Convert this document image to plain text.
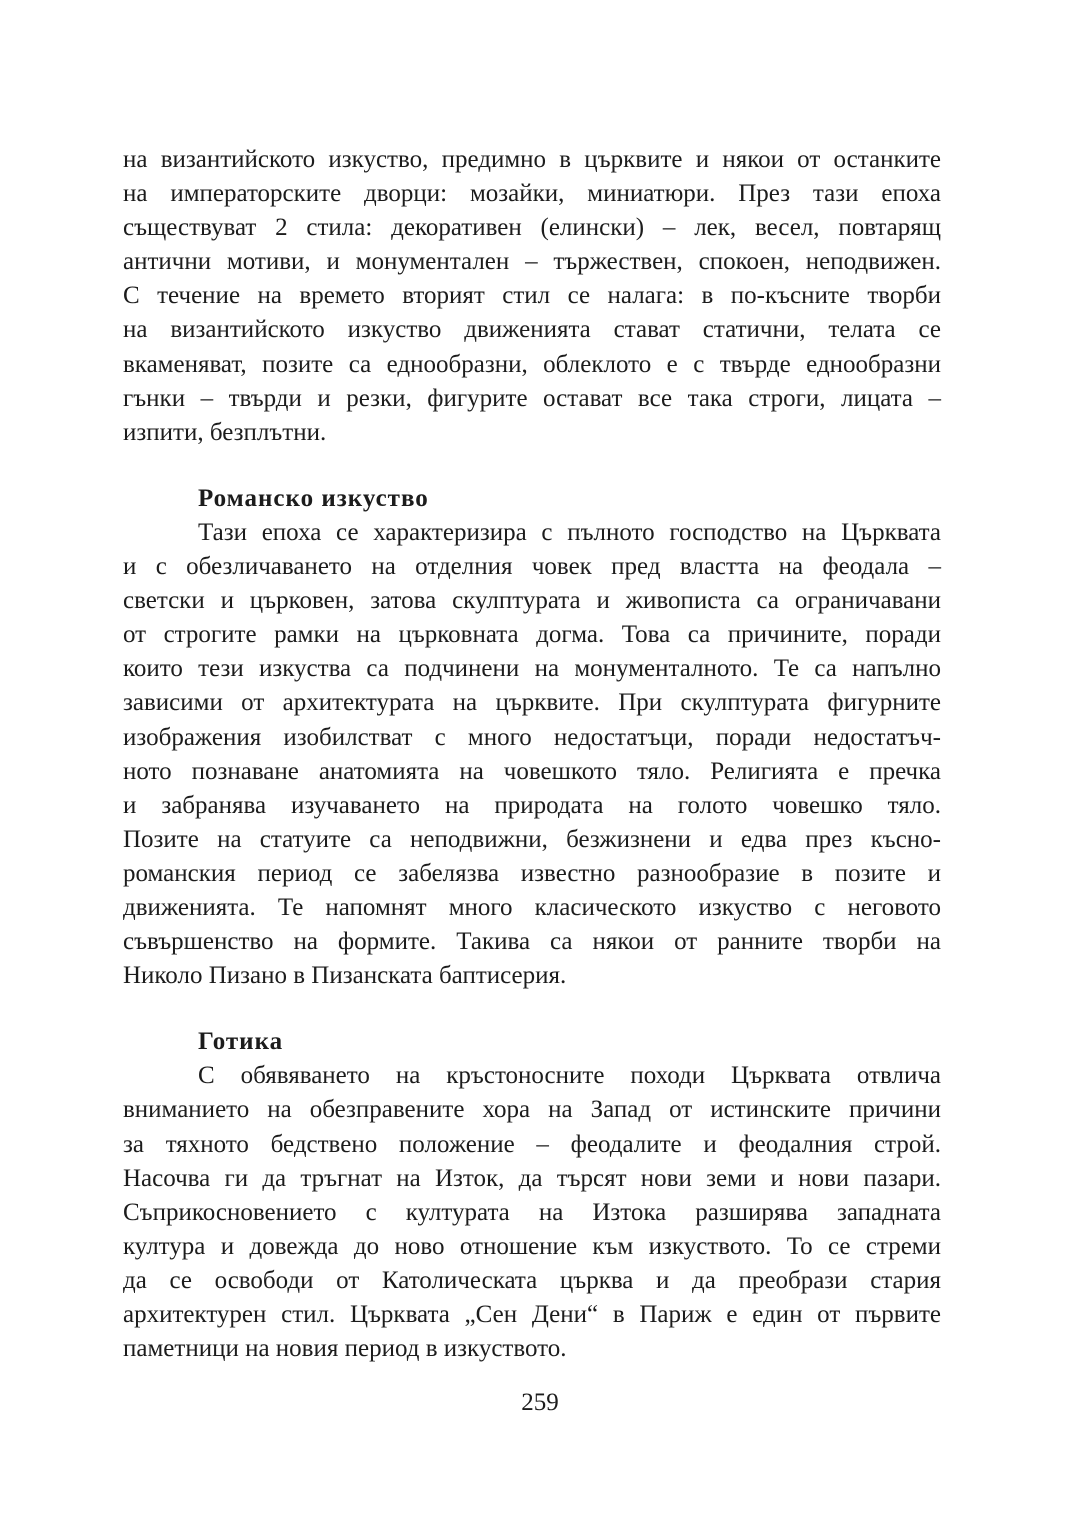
на византийското изкуство, предимно в църквите и някои от останките
на императорските дворци: мозайки, миниатюри. През тази епоха
съществуват 2 стила: декоративен (елински) – лек, весел, повтарящ
антични мотиви, и монументален – тържествен, спокоен, неподвижен.
С течение на времето вторият стил се налага: в по-късните творби
на византийското изкуство движенията стават статични, телата се
вкаменяват, позите са еднообразни, облеклото е с твърде еднообразни
гънки – твърди и резки, фигурите остават все така строги, лицата –
изпити, безплътни.
Романско изкуство
Тази епоха се характеризира с пълното господство на Църквата
и с обезличаването на отделния човек пред властта на феодала –
светски и църковен, затова скулптурата и живописта са ограничавани
от строгите рамки на църковната догма. Това са причините, поради
които тези изкуства са подчинени на монументалното. Те са напълно
зависими от архитектурата на църквите. При скулптурата фигурните
изображения изобилстват с много недостатъци, поради недостатъч-
ното познаване анатомията на човешкото тяло. Религията е пречка
и забранява изучаването на природата на голото човешко тяло.
Позите на статуите са неподвижни, безжизнени и едва през късно-
романския период се забелязва известно разнообразие в позите и
движенията. Те напомнят много класическото изкуство с неговото
съвършенство на формите. Такива са някои от ранните творби на
Николо Пизано в Пизанската баптисерия.
Готика
С обявяването на кръстоносните походи Църквата отвлича
вниманието на обезправените хора на Запад от истинските причини
за тяхното бедствено положение – феодалите и феодалния строй.
Насочва ги да тръгнат на Изток, да търсят нови земи и нови пазари.
Съприкосновението с културата на Изтока разширява западната
култура и довежда до ново отношение към изкуството. То се стреми
да се освободи от Католическата църква и да преобрази стария
архитектурен стил. Църквата „Сен Дени“ в Париж е един от първите
паметници на новия период в изкуството.
259
